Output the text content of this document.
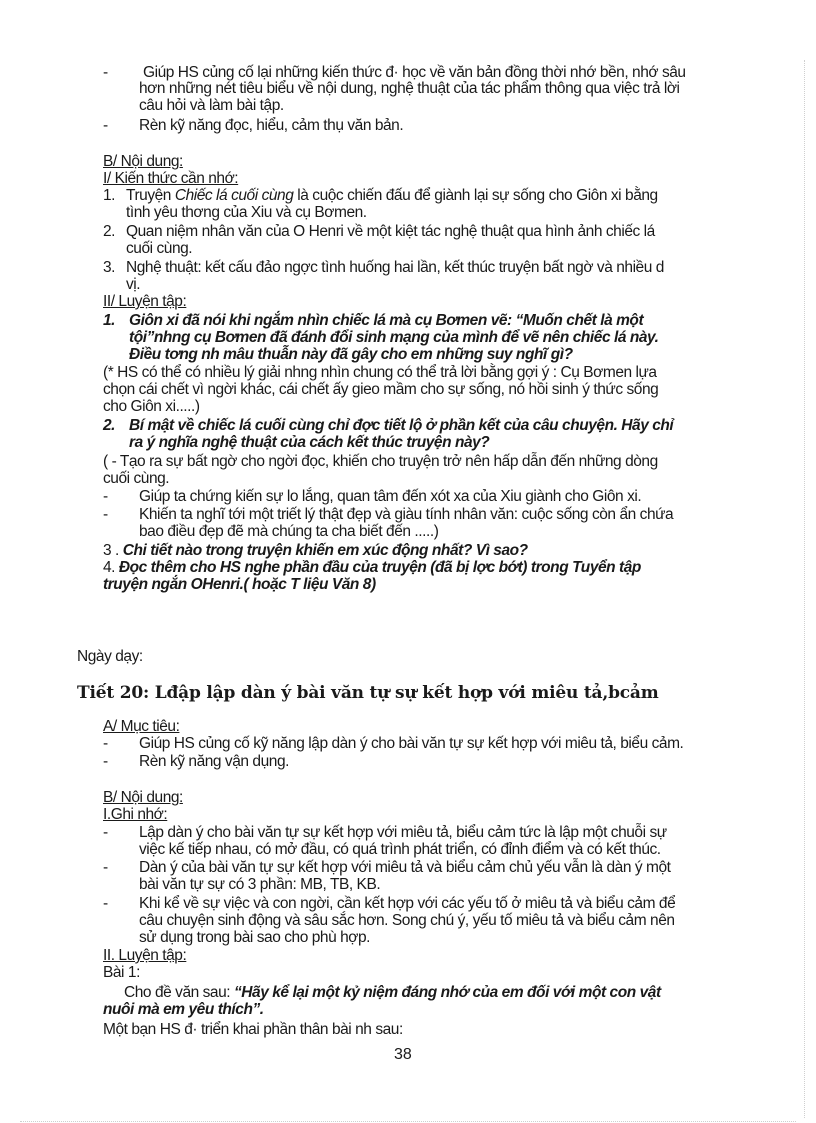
- Giúp HS củng cố lại những kiến thức đ· học về văn bản đồng thời nhớ bền, nhớ sâu
hơn những nét tiêu biểu về nội dung, nghệ thuật của tác phẩm thông qua việc trả lời
câu hỏi và làm bài tập.
- Rèn kỹ năng đọc, hiểu, cảm thụ văn bản.
B/ Nội dung:
I/ Kiến thức cần nhớ:
1. Truyện Chiếc lá cuối cùng là cuộc chiến đấu để giành lại sự sống cho Giôn xi bằng
tình yêu thơng của Xiu và cụ Bơmen.
2. Quan niệm nhân văn của O Henri về một kiệt tác nghệ thuật qua hình ảnh chiếc lá
cuối cùng.
3. Nghệ thuật: kết cấu đảo ngợc tình huống hai lần, kết thúc truyện bất ngờ và nhiều d
vị.
II/ Luyện tập:
1. Giôn xi đã nói khi ngắm nhìn chiếc lá mà cụ Bơmen vẽ: “Muốn chết là một
tội”nhng cụ Bơmen đã đánh đổi sinh mạng của mình để vẽ nên chiếc lá này.
Điều tơng nh mâu thuẫn này đã gây cho em những suy nghĩ gì?
(* HS có thể có nhiều lý giải nhng nhìn chung có thể trả lời bằng gợi ý : Cụ Bơmen lựa
chọn cái chết vì ngời khác, cái chết ấy gieo mầm cho sự sống, nó hồi sinh ý thức sống
cho Giôn xi.....)
2. Bí mật về chiếc lá cuối cùng chỉ đợc tiết lộ ở phần kết của câu chuyện. Hãy chỉ
ra ý nghĩa nghệ thuật của cách kết thúc truyện này?
( - Tạo ra sự bất ngờ cho ngời đọc, khiến cho truyện trở nên hấp dẫn đến những dòng
cuối cùng.
- Giúp ta chứng kiến sự lo lắng, quan tâm đến xót xa của Xiu giành cho Giôn xi.
- Khiến ta nghĩ tới một triết lý thật đẹp và giàu tính nhân văn: cuộc sống còn ẩn chứa
bao điều đẹp đẽ mà chúng ta cha biết đến .....)
3 . Chi tiết nào trong truyện khiến em xúc động nhất? Vì sao?
4. Đọc thêm cho HS nghe phần đầu của truyện (đã bị lợc bớt) trong Tuyển tập
truyện ngắn OHenri.( hoặc T liệu Văn 8)
Ngày dạy:
Tiết 20: Lđập lập dàn ý bài văn tự sự kết hợp với miêu tả,bcảm
A/ Mục tiêu:
- Giúp HS củng cố kỹ năng lập dàn ý cho bài văn tự sự kết hợp với miêu tả, biểu cảm.
- Rèn kỹ năng vận dụng.
B/ Nội dung:
I.Ghi nhớ:
- Lập dàn ý cho bài văn tự sự kết hợp với miêu tả, biểu cảm tức là lập một chuỗi sự
việc kế tiếp nhau, có mở đầu, có quá trình phát triển, có đỉnh điểm và có kết thúc.
- Dàn ý của bài văn tự sự kết hợp với miêu tả và biểu cảm chủ yếu vẫn là dàn ý một
bài văn tự sự có 3 phần: MB, TB, KB.
- Khi kể về sự việc và con ngời, cần kết hợp với các yếu tố ở miêu tả và biểu cảm để
câu chuyện sinh động và sâu sắc hơn. Song chú ý, yếu tố miêu tả và biểu cảm nên
sử dụng trong bài sao cho phù hợp.
II. Luyện tập:
Bài 1:
Cho đề văn sau: “Hãy kể lại một kỷ niệm đáng nhớ của em đối với một con vật
nuôi mà em yêu thích”.
Một bạn HS đ· triển khai phần thân bài nh sau:
38
